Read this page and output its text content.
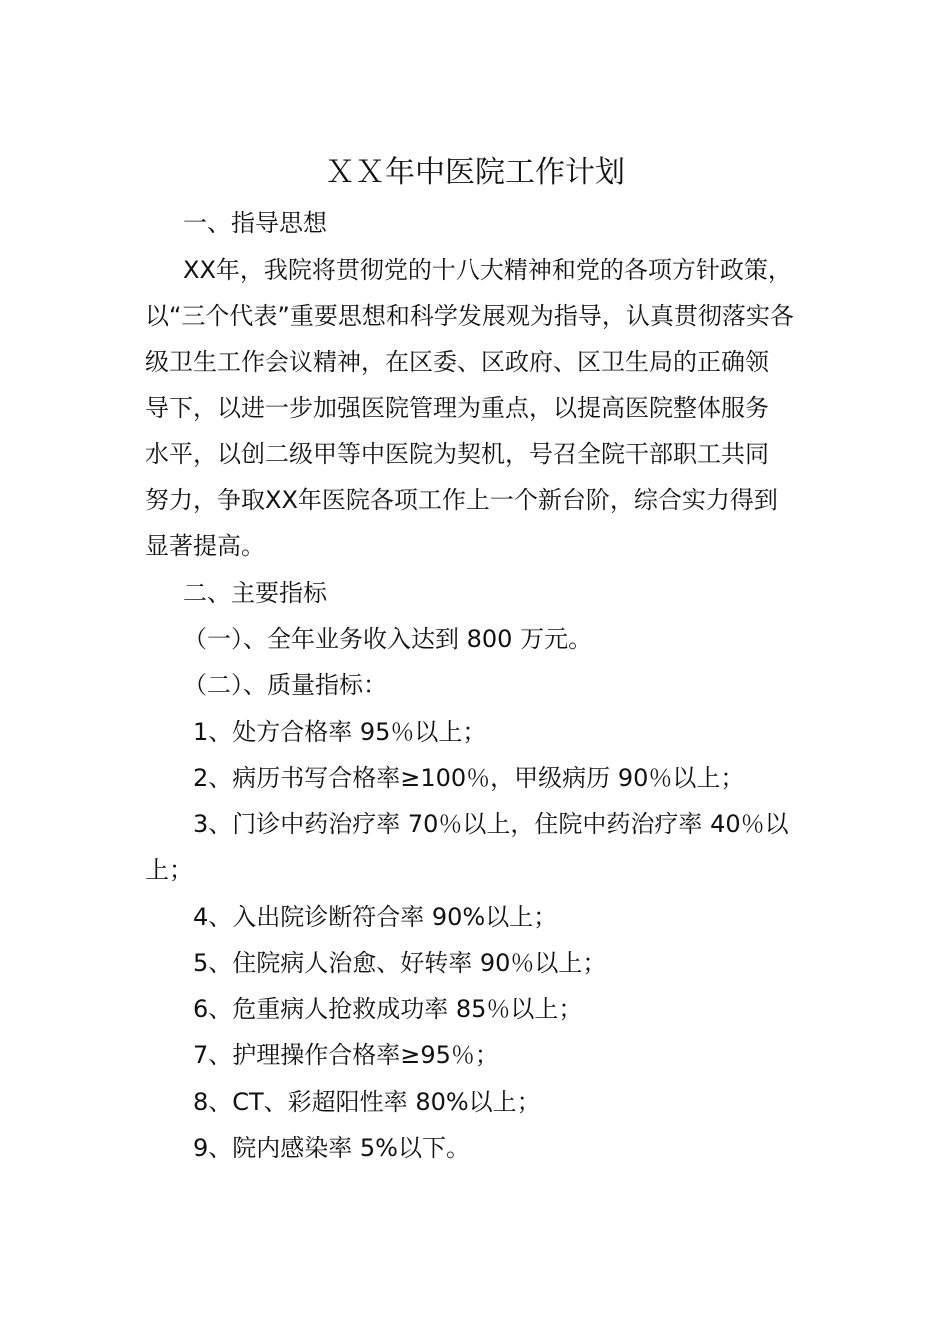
ＸＸ年中医院工作计划
一、指导思想
XX年，我院将贯彻党的十八大精神和党的各项方针政策，
以“三个代表”重要思想和科学发展观为指导，认真贯彻落实各
级卫生工作会议精神，在区委、区政府、区卫生局的正确领
导下，以进一步加强医院管理为重点，以提高医院整体服务
水平，以创二级甲等中医院为契机，号召全院干部职工共同
努力，争取XX年医院各项工作上一个新台阶，综合实力得到
显著提高。
二、主要指标
（一）、全年业务收入达到 800 万元。
（二）、质量指标：
1、处方合格率 95％以上；
2、病历书写合格率≥100％，甲级病历 90％以上；
3、门诊中药治疗率 70％以上，住院中药治疗率 40％以
上；
4、入出院诊断符合率 90%以上；
5、住院病人治愈、好转率 90％以上；
6、危重病人抢救成功率 85％以上；
7、护理操作合格率≥95％；
8、CT、彩超阳性率 80%以上；
9、院内感染率 5%以下。
